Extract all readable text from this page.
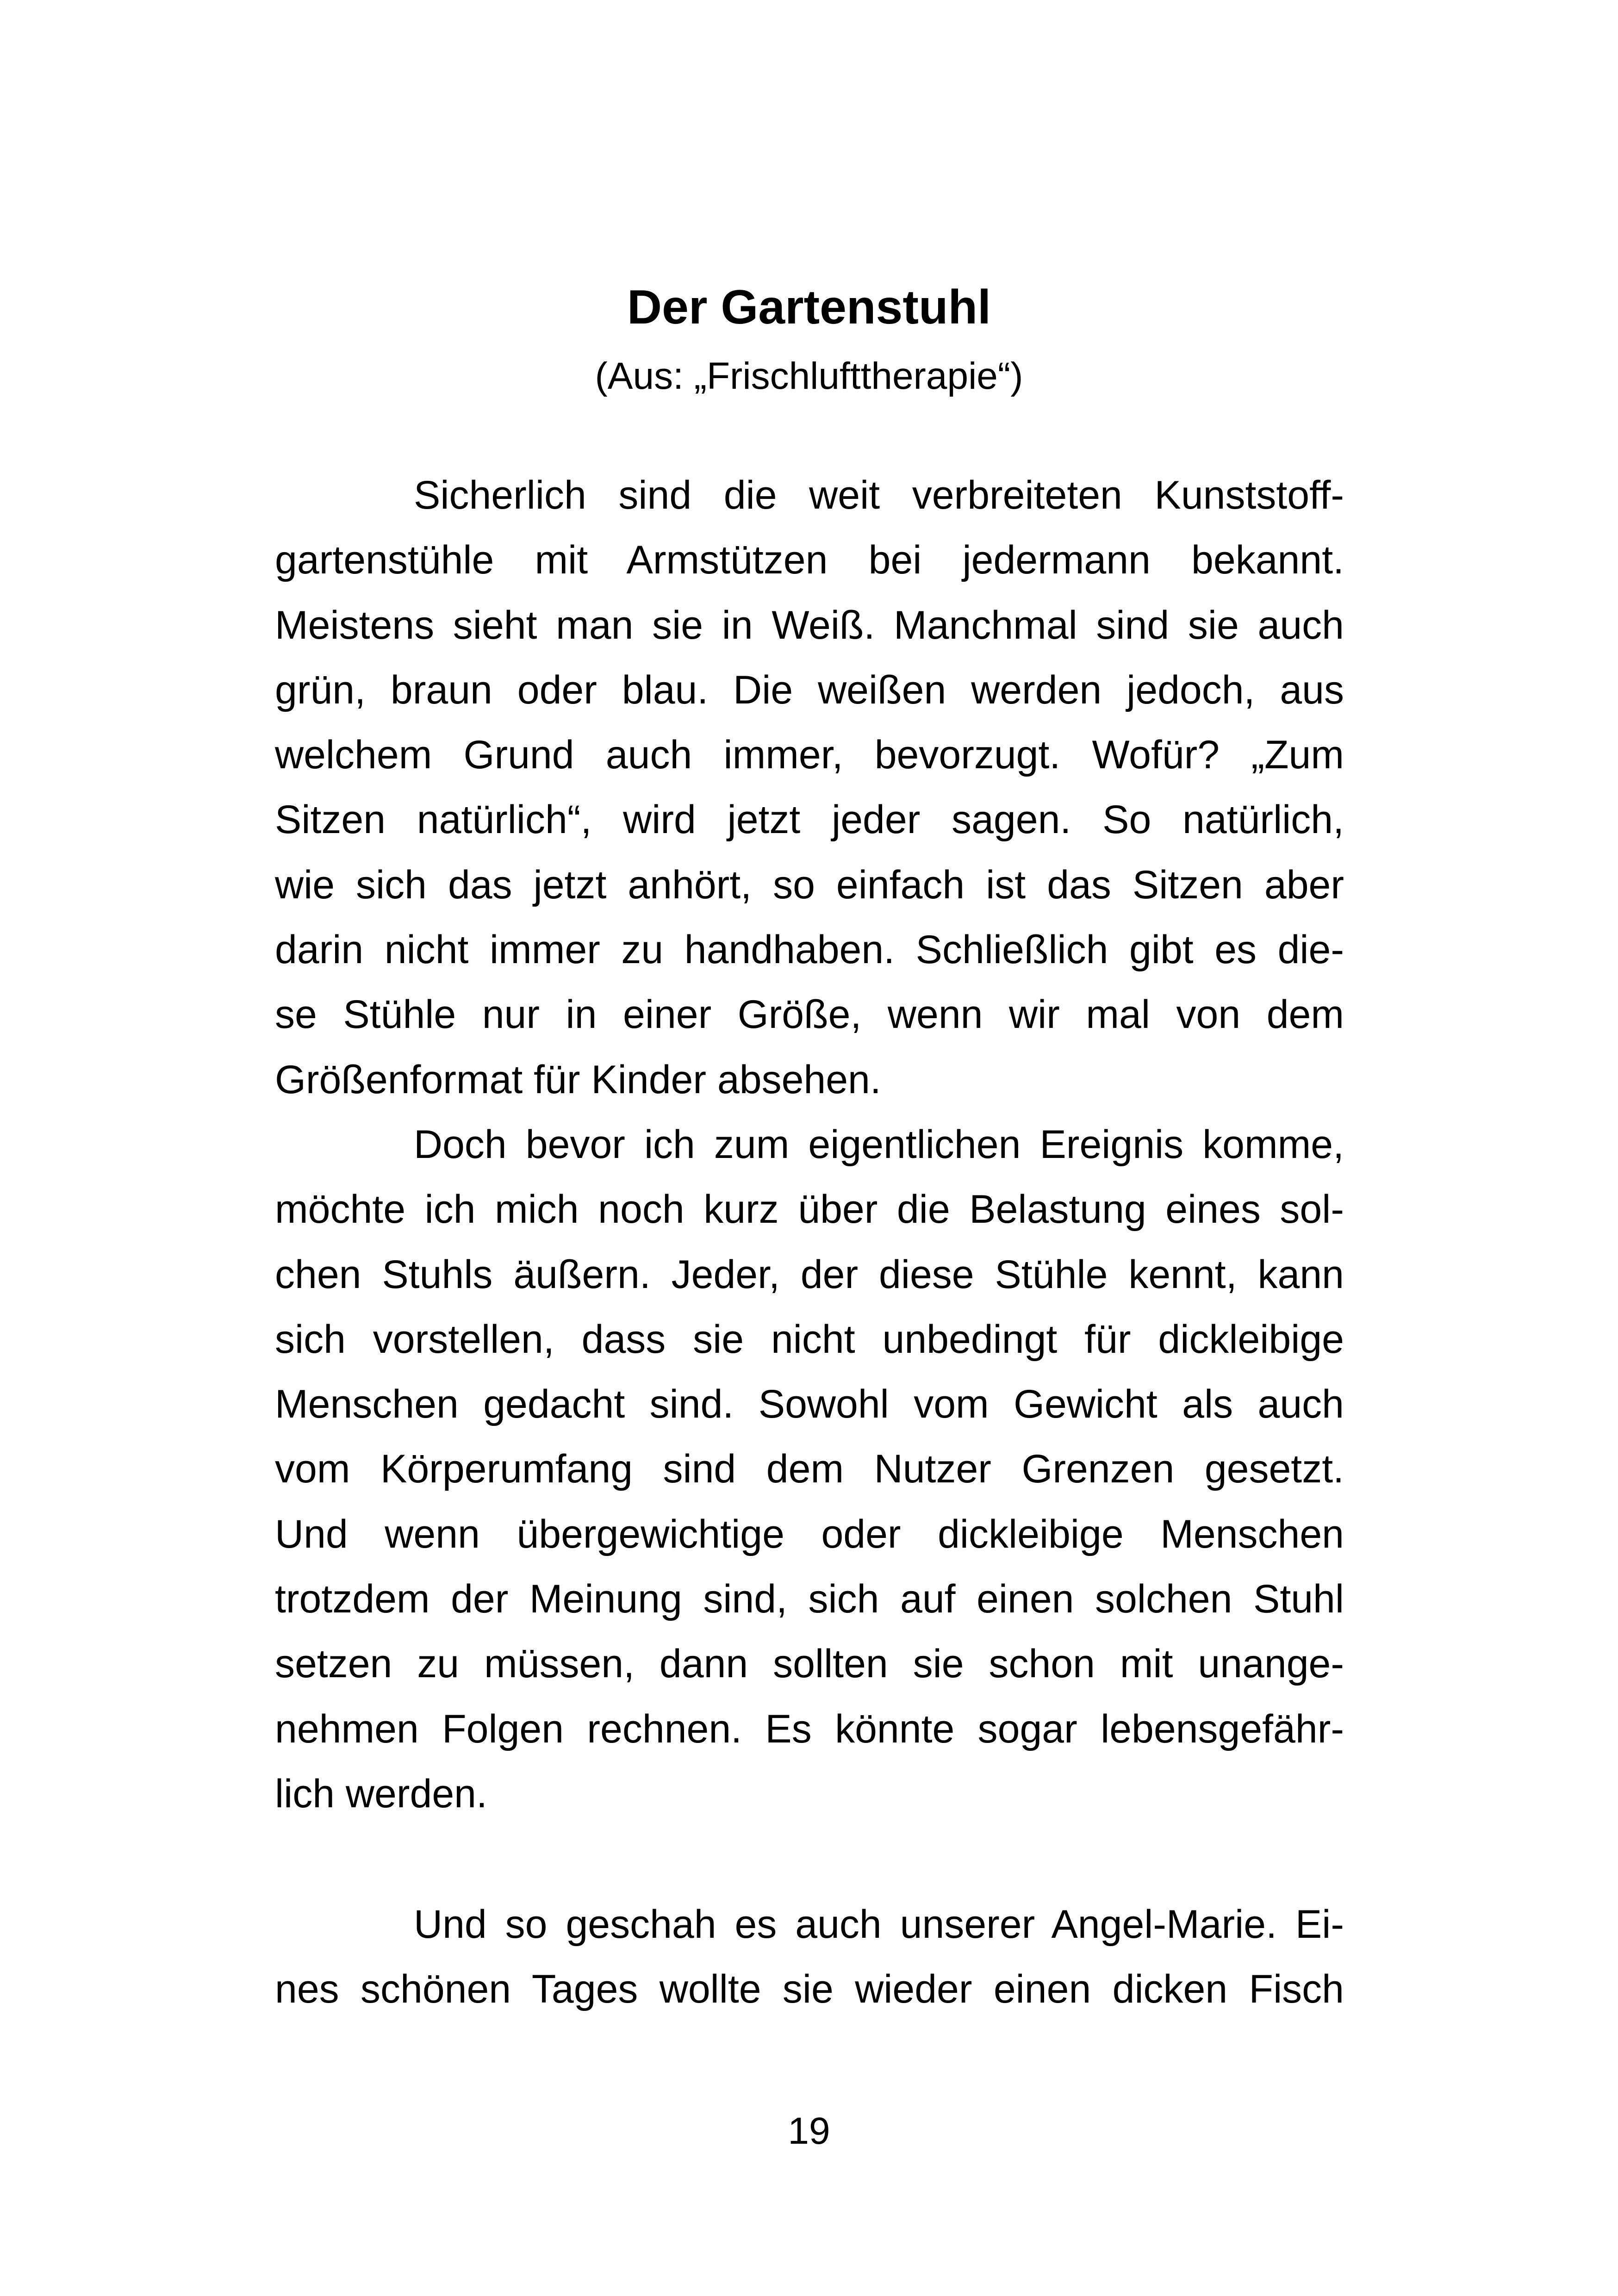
Der Gartenstuhl

(Aus: „Frischlufttherapie“)

Sicherlich sind die weit verbreiteten Kunststoff-
gartenstühle mit Armstützen bei jedermann bekannt.
Meistens sieht man sie in Weiß. Manchmal sind sie auch
grün, braun oder blau. Die weißen werden jedoch, aus
welchem Grund auch immer, bevorzugt. Wofür? „Zum
Sitzen natürlich“, wird jetzt jeder sagen. So natürlich,
wie sich das jetzt anhört, so einfach ist das Sitzen aber
darin nicht immer zu handhaben. Schließlich gibt es die-
se Stühle nur in einer Größe, wenn wir mal von dem
Größenformat für Kinder absehen.
Doch bevor ich zum eigentlichen Ereignis komme,
möchte ich mich noch kurz über die Belastung eines sol-
chen Stuhls äußern. Jeder, der diese Stühle kennt, kann
sich vorstellen, dass sie nicht unbedingt für dickleibige
Menschen gedacht sind. Sowohl vom Gewicht als auch
vom Körperumfang sind dem Nutzer Grenzen gesetzt.
Und wenn übergewichtige oder dickleibige Menschen
trotzdem der Meinung sind, sich auf einen solchen Stuhl
setzen zu müssen, dann sollten sie schon mit unange-
nehmen Folgen rechnen. Es könnte sogar lebensgefähr-
lich werden.
Und so geschah es auch unserer Angel-Marie. Ei-
nes schönen Tages wollte sie wieder einen dicken Fisch
19
